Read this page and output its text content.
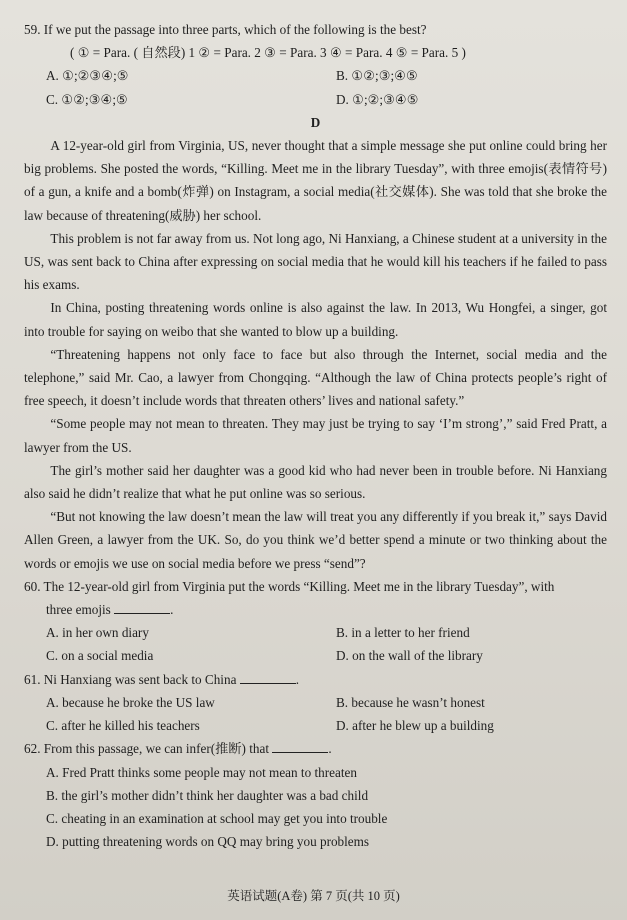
59. If we put the passage into three parts, which of the following is the best?

( ① = Para. ( 自然段) 1 ② = Para. 2 ③ = Para. 3 ④ = Para. 4 ⑤ = Para. 5 )

A. ①;②③④;⑤	B. ①②;③;④⑤
C. ①②;③④;⑤	D. ①;②;③④⑤

D

A 12-year-old girl from Virginia, US, never thought that a simple message she put online could bring her big problems. She posted the words, “Killing. Meet me in the library Tuesday”, with three emojis(表情符号) of a gun, a knife and a bomb(炸弹) on Instagram, a social media(社交媒体). She was told that she broke the law because of threatening(威胁) her school.

This problem is not far away from us. Not long ago, Ni Hanxiang, a Chinese student at a university in the US, was sent back to China after expressing on social media that he would kill his teachers if he failed to pass his exams.

In China, posting threatening words online is also against the law. In 2013, Wu Hongfei, a singer, got into trouble for saying on weibo that she wanted to blow up a building.

“Threatening happens not only face to face but also through the Internet, social media and the telephone,” said Mr. Cao, a lawyer from Chongqing. “Although the law of China protects people’s right of free speech, it doesn’t include words that threaten others’ lives and national safety.”

“Some people may not mean to threaten. They may just be trying to say ‘I’m strong’,” said Fred Pratt, a lawyer from the US.

The girl’s mother said her daughter was a good kid who had never been in trouble before. Ni Hanxiang also said he didn’t realize that what he put online was so serious.

“But not knowing the law doesn’t mean the law will treat you any differently if you break it,” says David Allen Green, a lawyer from the UK. So, do you think we’d better spend a minute or two thinking about the words or emojis we use on social media before we press “send”?

60. The 12-year-old girl from Virginia put the words “Killing. Meet me in the library Tuesday”, with

three emojis	.

A. in her own diary	B. in a letter to her friend
C. on a social media	D. on the wall of the library

61. Ni Hanxiang was sent back to China	.

A. because he broke the US law	B. because he wasn’t honest
C. after he killed his teachers	D. after he blew up a building

62. From this passage, we can infer(推断) that	.

A. Fred Pratt thinks some people may not mean to threaten

B. the girl’s mother didn’t think her daughter was a bad child

C. cheating in an examination at school may get you into trouble

D. putting threatening words on QQ may bring you problems

英语试题(A卷) 第 7 页(共 10 页)
